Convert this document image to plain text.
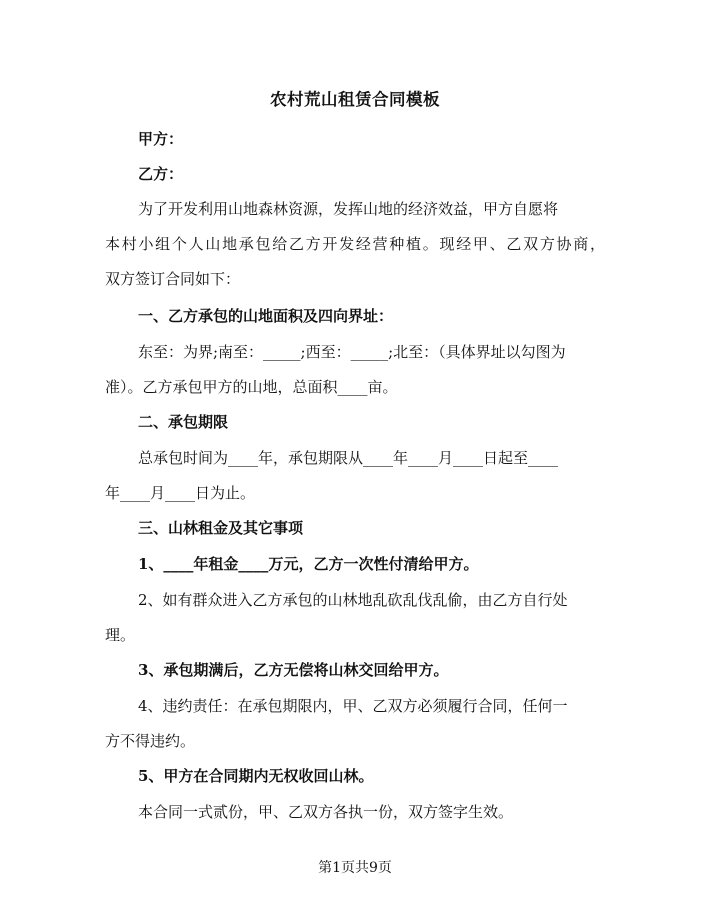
农村荒山租赁合同模板
甲方：
乙方：
为了开发利用山地森林资源，发挥山地的经济效益，甲方自愿将
本村小组个人山地承包给乙方开发经营种植。现经甲、乙双方协商，
双方签订合同如下：
一、乙方承包的山地面积及四向界址：
东至：为界;南至：_____;西至：_____;北至：（具体界址以勾图为
准）。乙方承包甲方的山地，总面积____亩。
二、承包期限
总承包时间为____年，承包期限从____年____月____日起至____
年____月____日为止。
三、山林租金及其它事项
1、____年租金____万元，乙方一次性付清给甲方。
2、如有群众进入乙方承包的山林地乱砍乱伐乱偷，由乙方自行处
理。
3、承包期满后，乙方无偿将山林交回给甲方。
4、违约责任：在承包期限内，甲、乙双方必须履行合同，任何一
方不得违约。
5、甲方在合同期内无权收回山林。
本合同一式贰份，甲、乙双方各执一份，双方签字生效。
第1页共9页
